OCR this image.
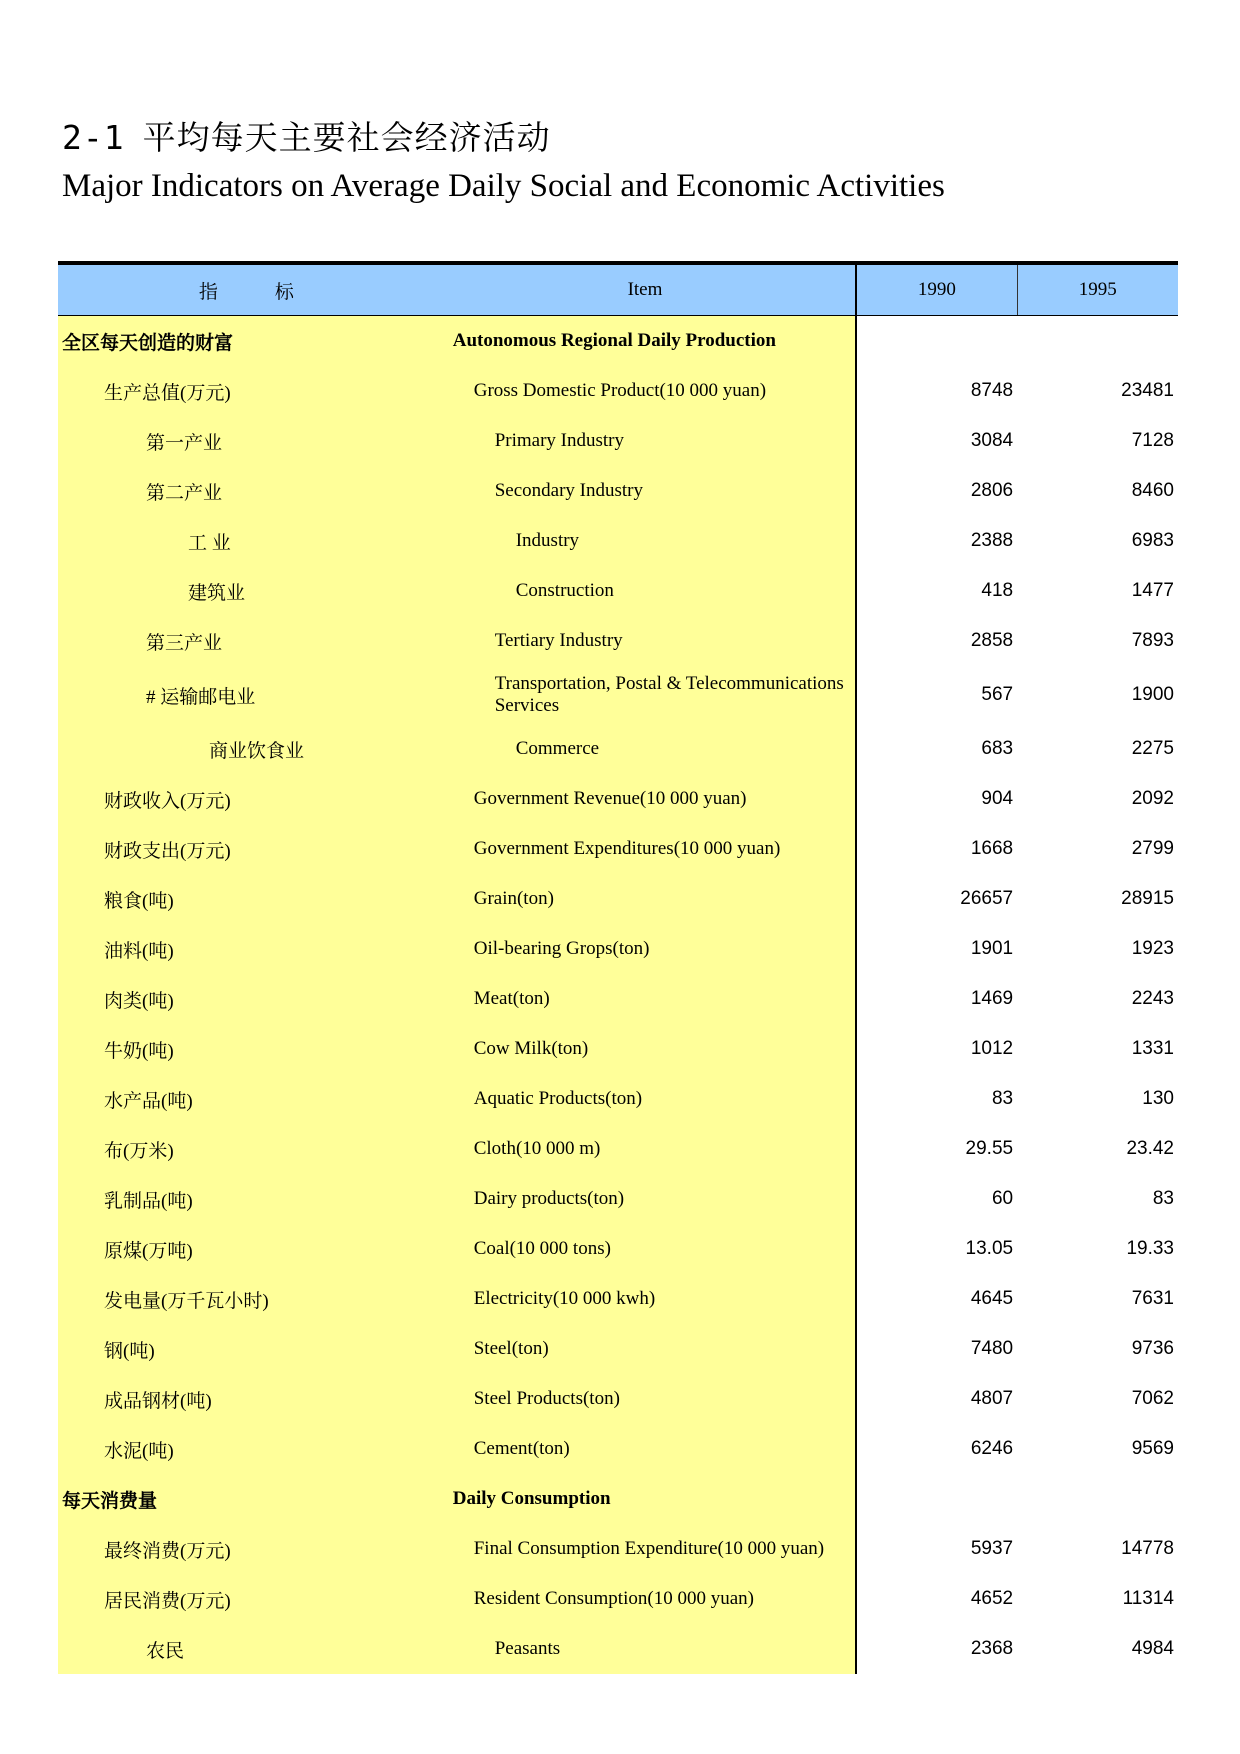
2-1 平均每天主要社会经济活动
Major Indicators on Average Daily Social and Economic Activities
指　　　标	Item	1990	1995
全区每天创造的财富	Autonomous Regional Daily Production		
生产总值(万元)	Gross Domestic Product(10 000 yuan)	8748	23481
第一产业	Primary Industry	3084	7128
第二产业	Secondary Industry	2806	8460
工 业	Industry	2388	6983
建筑业	Construction	418	1477
第三产业	Tertiary Industry	2858	7893
# 运输邮电业	Transportation, Postal & Telecommunications Services	567	1900
商业饮食业	Commerce	683	2275
财政收入(万元)	Government Revenue(10 000 yuan)	904	2092
财政支出(万元)	Government Expenditures(10 000 yuan)	1668	2799
粮食(吨)	Grain(ton)	26657	28915
油料(吨)	Oil-bearing Grops(ton)	1901	1923
肉类(吨)	Meat(ton)	1469	2243
牛奶(吨)	Cow Milk(ton)	1012	1331
水产品(吨)	Aquatic Products(ton)	83	130
布(万米)	Cloth(10 000 m)	29.55	23.42
乳制品(吨)	Dairy products(ton)	60	83
原煤(万吨)	Coal(10 000 tons)	13.05	19.33
发电量(万千瓦小时)	Electricity(10 000 kwh)	4645	7631
钢(吨)	Steel(ton)	7480	9736
成品钢材(吨)	Steel Products(ton)	4807	7062
水泥(吨)	Cement(ton)	6246	9569
每天消费量	Daily Consumption		
最终消费(万元)	Final Consumption Expenditure(10 000 yuan)	5937	14778
居民消费(万元)	Resident Consumption(10 000 yuan)	4652	11314
农民	Peasants	2368	4984
